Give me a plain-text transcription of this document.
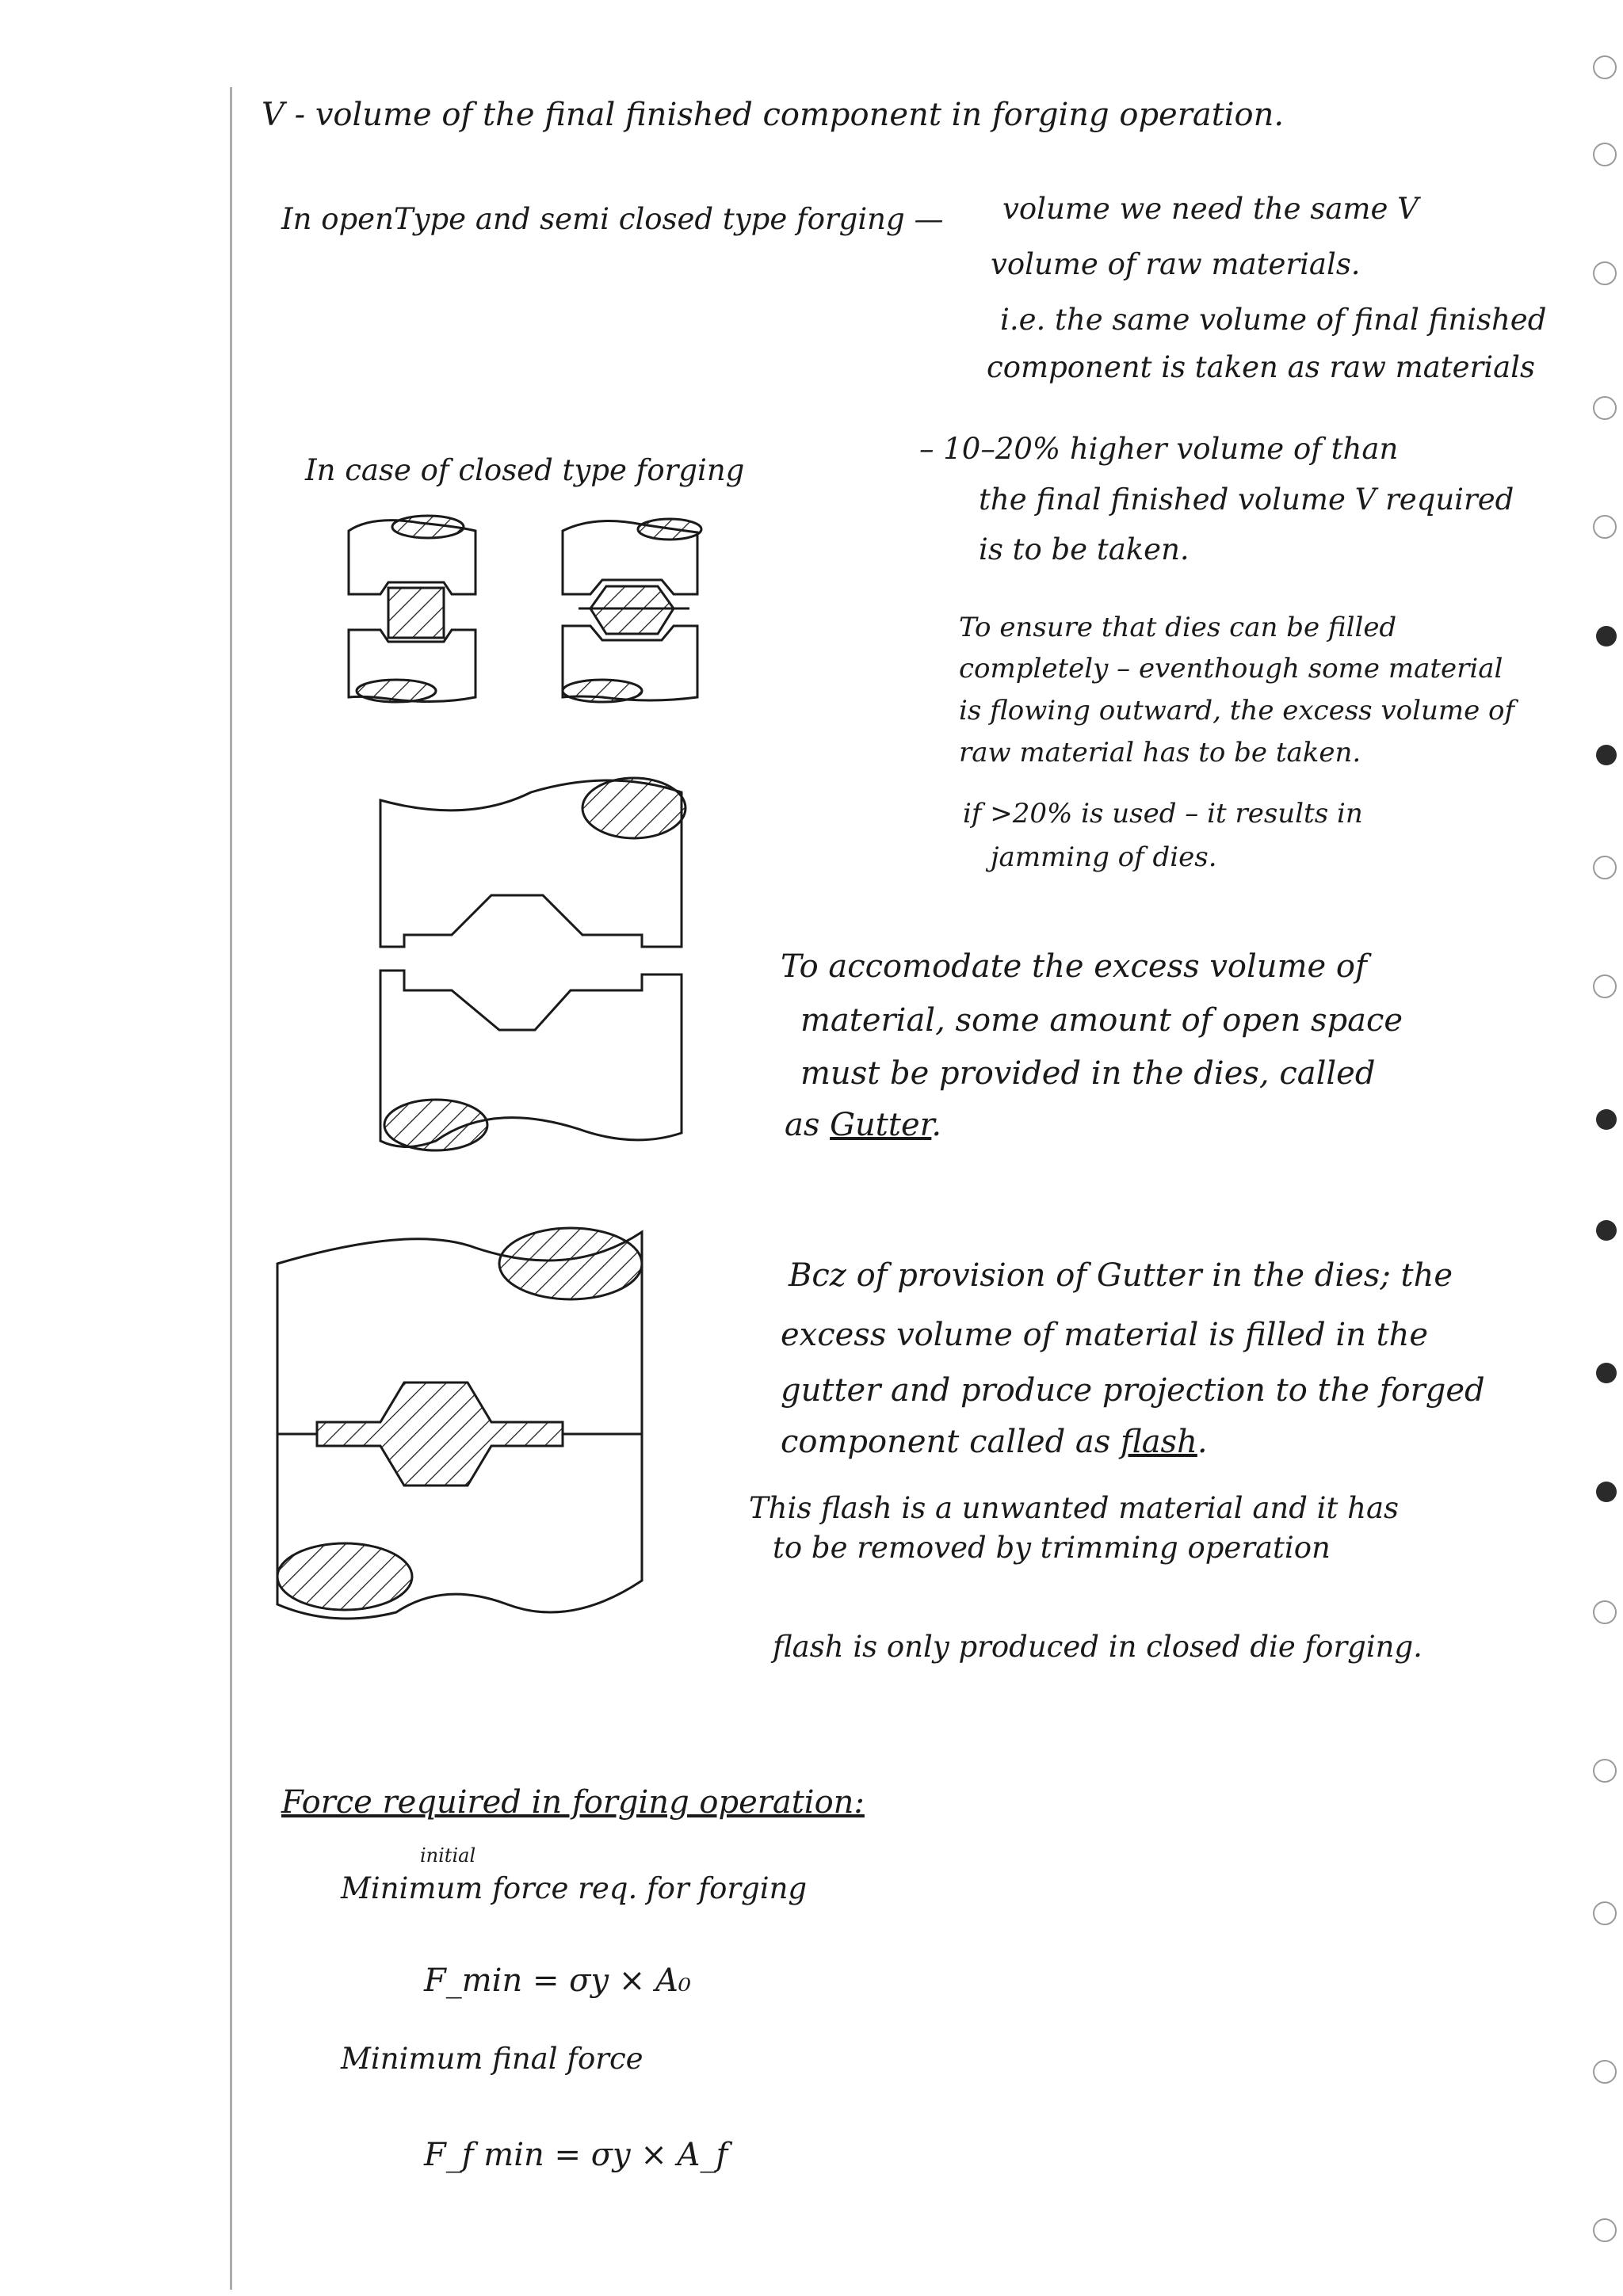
V - volume of the final finished component in forging operation.
In openType and semi closed type forging — volume we need the same V
volume of raw materials.
i.e. the same volume of final finished
component is taken as raw materials
In case of closed type forging
– 10–20% higher volume of than
the final finished volume V required
is to be taken.
To ensure that dies can be filled
completely – eventhough some material
is flowing outward, the excess volume of
raw material has to be taken.
if >20% is used – it results in
jamming of dies.
To accomodate the excess volume of
material, some amount of open space
must be provided in the dies, called
as Gutter.
Bcz of provision of Gutter in the dies; the
excess volume of material is filled in the
gutter and produce projection to the forged
component called as flash.
This flash is a unwanted material and it has
to be removed by trimming operation
flash is only produced in closed die forging.
Force required in forging operation:
initial
Minimum force req. for forging
F_min = σy × A₀
Minimum final force
F_f min = σy × A_f
